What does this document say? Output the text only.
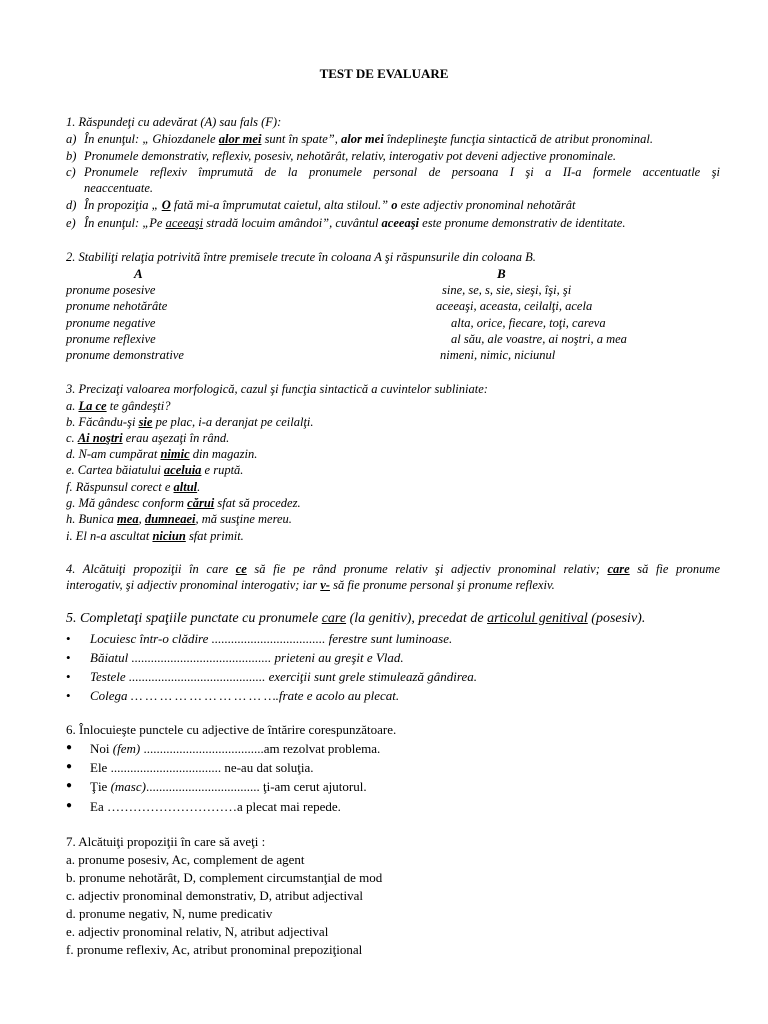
TEST DE EVALUARE
1. Răspundeţi cu adevărat (A) sau fals (F):
a) În enunţul: „ Ghiozdanele alor mei sunt în spate”, alor mei îndeplineşte funcţia sintactică de atribut pronominal.
b) Pronumele demonstrativ, reflexiv, posesiv, nehotărât, relativ, interogativ pot deveni adjective pronominale.
c) Pronumele reflexiv împrumută de la pronumele personal de persoana I şi a II-a formele accentuatle şi
neaccentuate.
d) În propoziţia „ O fată mi-a împrumutat caietul, alta stiloul.” o este adjectiv pronominal nehotărât
e) În enunţul: „Pe aceeaşi stradă locuim amândoi”, cuvântul aceeaşi este pronume demonstrativ de identitate.
2. Stabiliţi relaţia potrivită între premisele trecute în coloana A şi răspunsurile din coloana B.
A	B
pronume posesive
pronume nehotărâte
pronume negative
pronume reflexive
pronume demonstrative
sine, se, s, sie, sieşi, îşi, şi
aceeaşi, aceasta, ceilalţi, acela
alta, orice, fiecare, toţi, careva
al său, ale voastre, ai noştri, a mea
nimeni, nimic, niciunul
3. Precizaţi valoarea morfologică, cazul şi funcţia sintactică a cuvintelor subliniate:
a. La ce te gândeşti?
b. Făcându-şi sie pe plac, i-a deranjat pe ceilalţi.
c. Ai noştri erau aşezaţi în rând.
d. N-am cumpărat nimic din magazin.
e. Cartea băiatului aceluia e ruptă.
f. Răspunsul corect e altul.
g. Mă gândesc conform cărui sfat să procedez.
h. Bunica mea, dumneaei, mă susţine mereu.
i. El n-a ascultat niciun sfat primit.
4. Alcătuiţi propoziţii în care ce să fie pe rând pronume relativ şi adjectiv pronominal relativ; care să fie pronume
interogativ, şi adjectiv pronominal interogativ; iar v- să fie pronume personal şi pronume reflexiv.
5. Completaţi spaţiile punctate cu pronumele care (la genitiv), precedat de articolul genitival (posesiv).
• Locuiesc într-o clădire ................................... ferestre sunt luminoase.
• Băiatul ........................................... prieteni au greşit e Vlad.
• Testele .......................................... exerciţii sunt grele stimulează gândirea.
• Colega … … … … … … … … … ….frate e acolo au plecat.
6. Înlocuieşte punctele cu adjective de întărire corespunzătoare.
● Noi (fem) .....................................am rezolvat problema.
● Ele .................................. ne-au dat soluţia.
● Ţie (masc)................................... ţi-am cerut ajutorul.
● Ea …………………………a plecat mai repede.
7. Alcătuiţi propoziţii în care să aveţi :
a. pronume posesiv, Ac, complement de agent
b. pronume nehotărât, D, complement circumstanţial de mod
c. adjectiv pronominal demonstrativ, D, atribut adjectival
d. pronume negativ, N, nume predicativ
e. adjectiv pronominal relativ, N, atribut adjectival
f. pronume reflexiv, Ac, atribut pronominal prepoziţional
